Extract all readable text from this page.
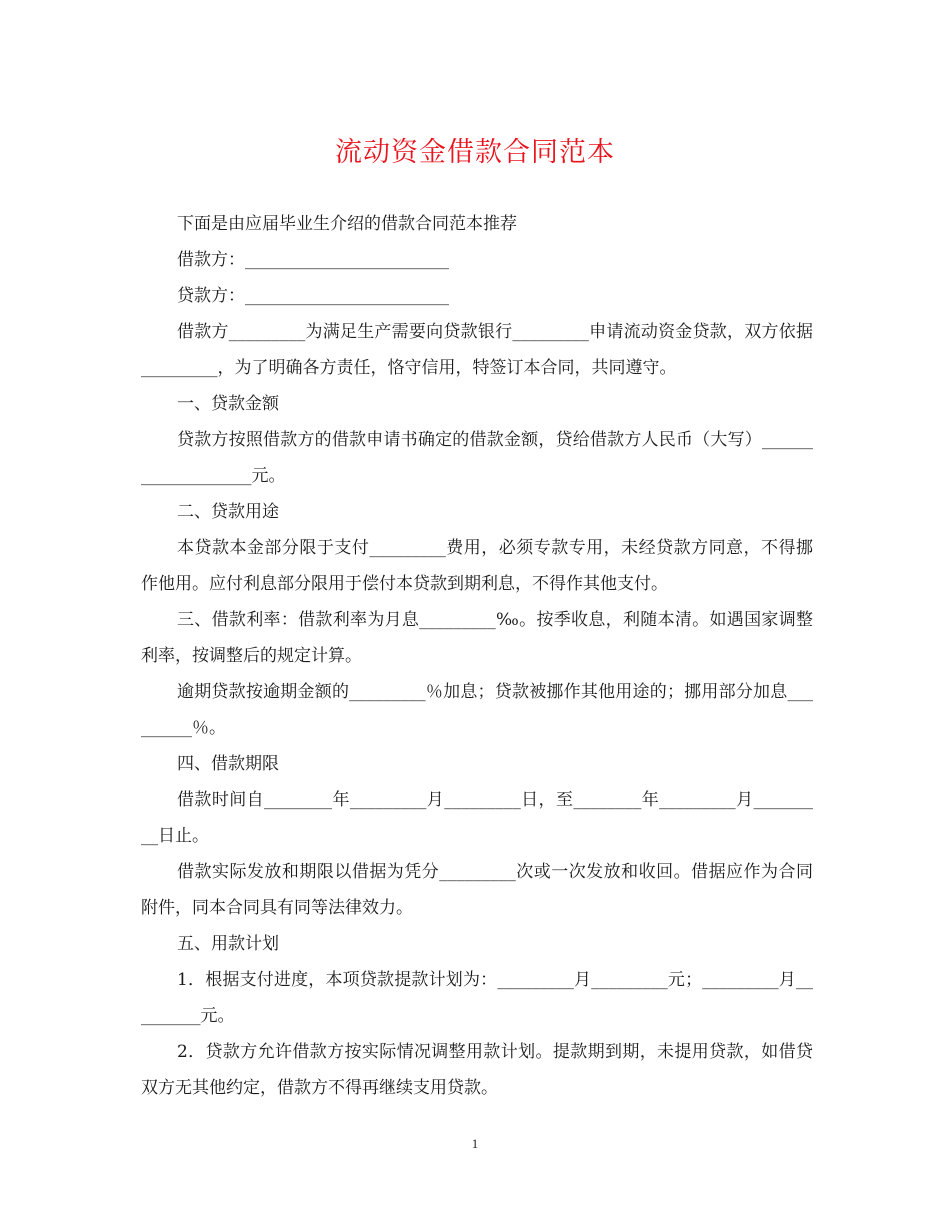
流动资金借款合同范本

下面是由应届毕业生介绍的借款合同范本推荐

借款方：________________________

贷款方：________________________

借款方_________为满足生产需要向贷款银行_________申请流动资金贷款，双方依据_________，为了明确各方责任，恪守信用，特签订本合同，共同遵守。

一、贷款金额

贷款方按照借款方的借款申请书确定的借款金额，贷给借款方人民币（大写）___________________元。

二、贷款用途

本贷款本金部分限于支付_________费用，必须专款专用，未经贷款方同意，不得挪作他用。应付利息部分限用于偿付本贷款到期利息，不得作其他支付。

三、借款利率：借款利率为月息_________‰。按季收息，利随本清。如遇国家调整利率，按调整后的规定计算。

逾期贷款按逾期金额的_________％加息；贷款被挪作其他用途的；挪用部分加息_________％。

四、借款期限

借款时间自________年_________月_________日，至________年_________月_________日止。

借款实际发放和期限以借据为凭分_________次或一次发放和收回。借据应作为合同附件，同本合同具有同等法律效力。

五、用款计划

1．根据支付进度，本项贷款提款计划为：_________月_________元；_________月_________元。

2．贷款方允许借款方按实际情况调整用款计划。提款期到期，未提用贷款，如借贷双方无其他约定，借款方不得再继续支用贷款。

1
